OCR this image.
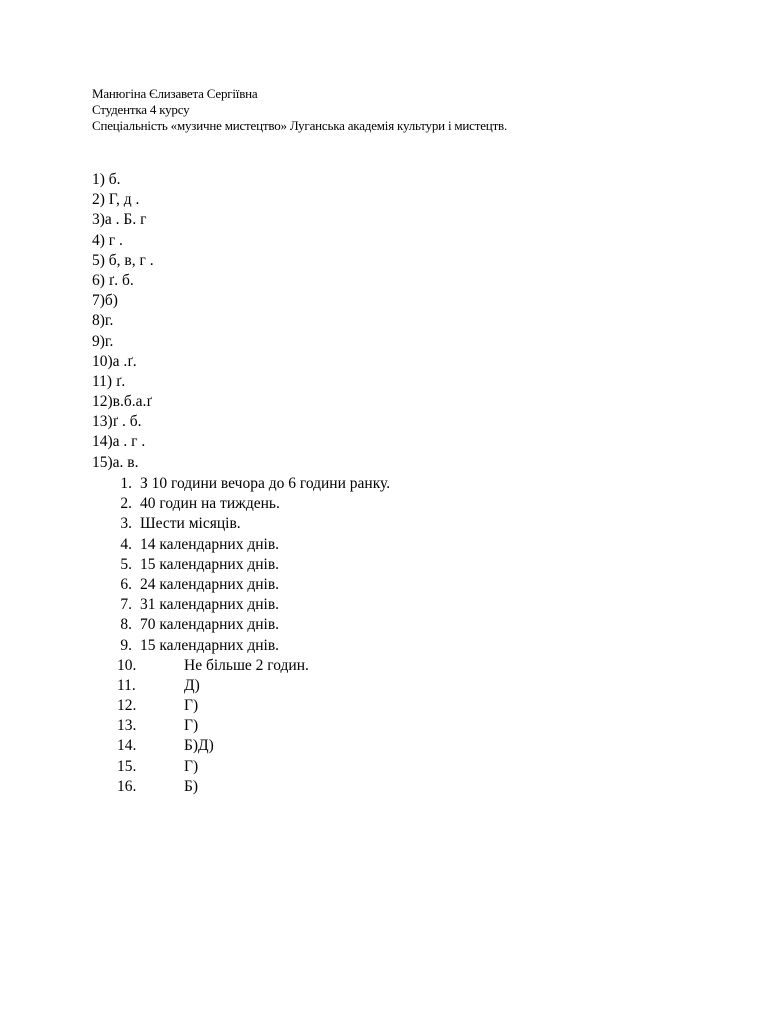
Манюгіна Єлизавета Сергіївна
Студентка 4 курсу
Спеціальність «музичне мистецтво» Луганська академія культури і мистецтв.
1) б.
2) Г, д .
3)а . Б. г
4) г .
5) б, в, г .
6) ґ. б.
7)б)
8)г.
9)г.
10)а .ґ.
11) ґ.
12)в.б.а.ґ
13)ґ . б.
14)а . г .
15)а. в.
1. З 10 години вечора до 6 години ранку.
2. 40 годин на тиждень.
3. Шести місяців.
4. 14 календарних днів.
5. 15 календарних днів.
6. 24 календарних днів.
7. 31 календарних днів.
8. 70 календарних днів.
9. 15 календарних днів.
10.	Не більше 2 годин.
11.	Д)
12.	Г)
13.	Г)
14.	Б)Д)
15.	Г)
16.	Б)
